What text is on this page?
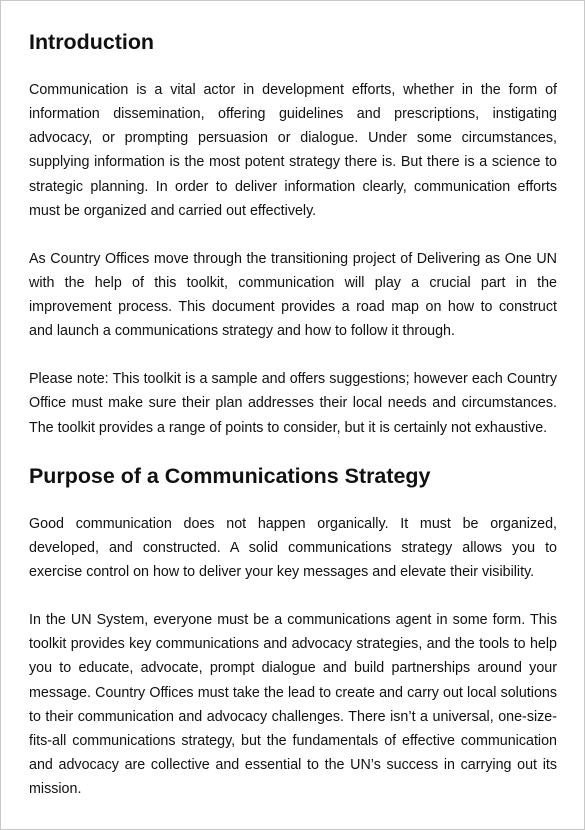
Introduction

Communication is a vital actor in development efforts, whether in the form of information dissemination, offering guidelines and prescriptions, instigating advocacy, or prompting persuasion or dialogue. Under some circumstances, supplying information is the most potent strategy there is. But there is a science to strategic planning. In order to deliver information clearly, communication efforts must be organized and carried out effectively.

As Country Offices move through the transitioning project of Delivering as One UN with the help of this toolkit, communication will play a crucial part in the improvement process. This document provides a road map on how to construct and launch a communications strategy and how to follow it through.

Please note: This toolkit is a sample and offers suggestions; however each Country Office must make sure their plan addresses their local needs and circumstances. The toolkit provides a range of points to consider, but it is certainly not exhaustive.

Purpose of a Communications Strategy

Good communication does not happen organically. It must be organized, developed, and constructed. A solid communications strategy allows you to exercise control on how to deliver your key messages and elevate their visibility.

In the UN System, everyone must be a communications agent in some form. This toolkit provides key communications and advocacy strategies, and the tools to help you to educate, advocate, prompt dialogue and build partnerships around your message. Country Offices must take the lead to create and carry out local solutions to their communication and advocacy challenges. There isn’t a universal, one-size-fits-all communications strategy, but the fundamentals of effective communication and advocacy are collective and essential to the UN’s success in carrying out its mission.
